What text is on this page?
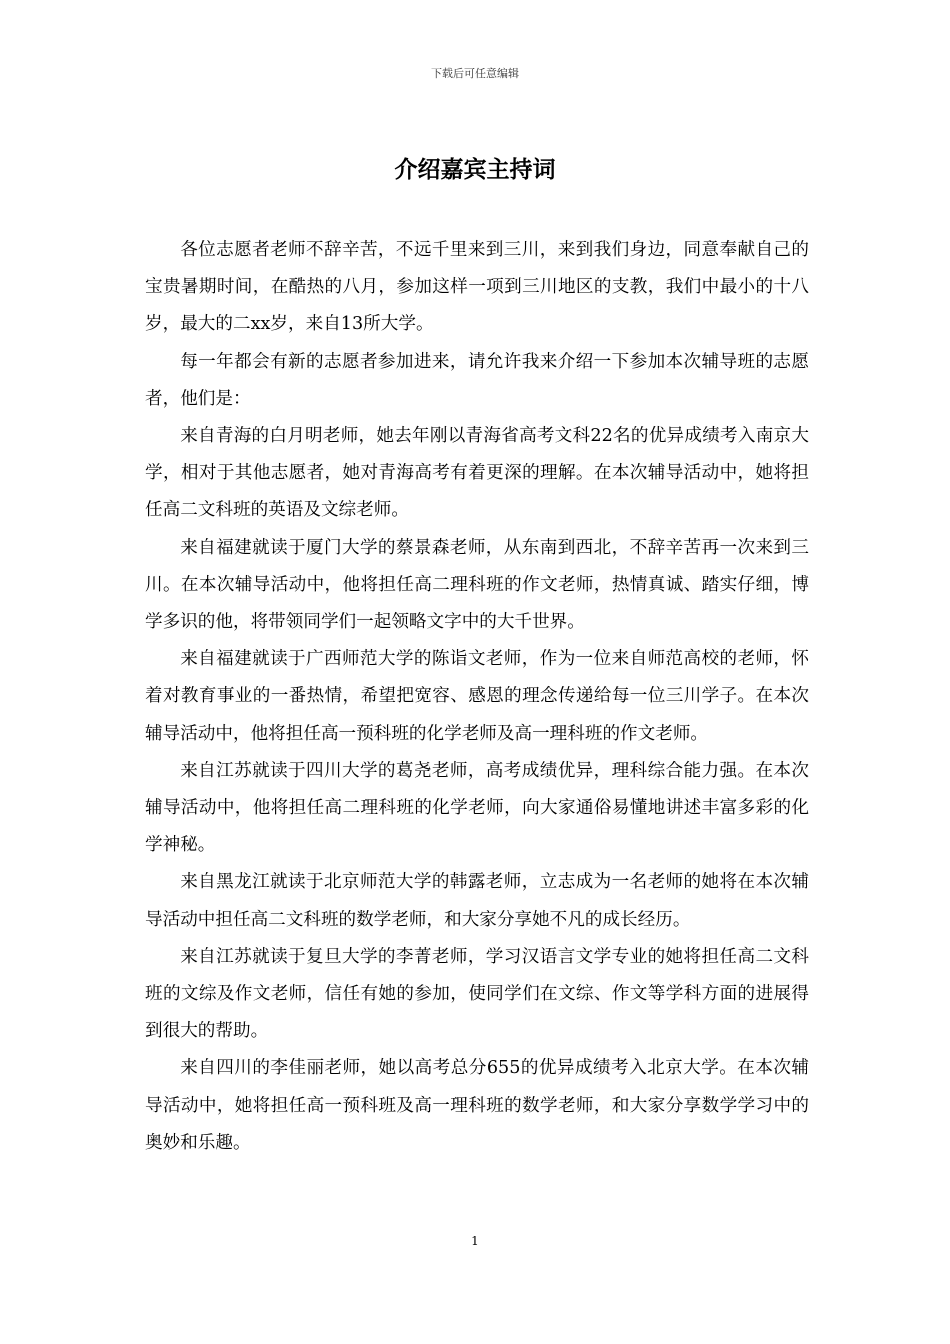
下载后可任意编辑
介绍嘉宾主持词

各位志愿者老师不辞辛苦，不远千里来到三川，来到我们身边，同意奉献自己的宝贵暑期时间，在酷热的八月，参加这样一项到三川地区的支教，我们中最小的十八岁，最大的二xx岁，来自13所大学。

每一年都会有新的志愿者参加进来，请允许我来介绍一下参加本次辅导班的志愿者，他们是：

来自青海的白月明老师，她去年刚以青海省高考文科22名的优异成绩考入南京大学，相对于其他志愿者，她对青海高考有着更深的理解。在本次辅导活动中，她将担任高二文科班的英语及文综老师。

来自福建就读于厦门大学的蔡景森老师，从东南到西北，不辞辛苦再一次来到三川。在本次辅导活动中，他将担任高二理科班的作文老师，热情真诚、踏实仔细，博学多识的他，将带领同学们一起领略文字中的大千世界。

来自福建就读于广西师范大学的陈诣文老师，作为一位来自师范高校的老师，怀着对教育事业的一番热情，希望把宽容、感恩的理念传递给每一位三川学子。在本次辅导活动中，他将担任高一预科班的化学老师及高一理科班的作文老师。

来自江苏就读于四川大学的葛尧老师，高考成绩优异，理科综合能力强。在本次辅导活动中，他将担任高二理科班的化学老师，向大家通俗易懂地讲述丰富多彩的化学神秘。

来自黑龙江就读于北京师范大学的韩露老师，立志成为一名老师的她将在本次辅导活动中担任高二文科班的数学老师，和大家分享她不凡的成长经历。

来自江苏就读于复旦大学的李菁老师，学习汉语言文学专业的她将担任高二文科班的文综及作文老师，信任有她的参加，使同学们在文综、作文等学科方面的进展得到很大的帮助。

来自四川的李佳丽老师，她以高考总分655的优异成绩考入北京大学。在本次辅导活动中，她将担任高一预科班及高一理科班的数学老师，和大家分享数学学习中的奥妙和乐趣。

1
